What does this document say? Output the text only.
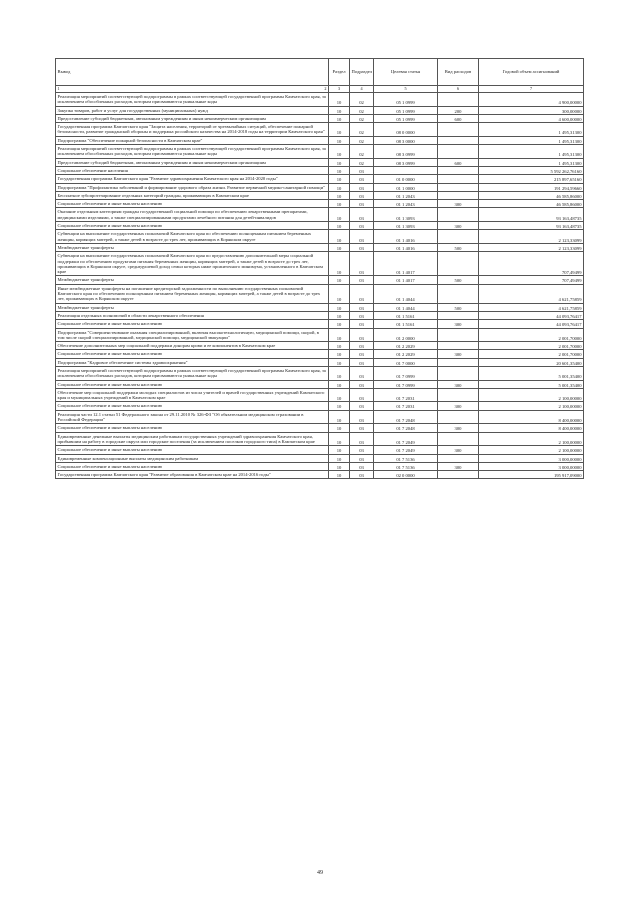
Вывод	Раздел	Подраздел	Целевая статья	Вид расходов	Годовой объем ассигнований
1 2	3	4	5	6	7

Реализация мероприятий соответствующей подпрограммы в рамках соответствующей государственной программы Камчатского края, за исключением обособленных расходов, которым присваиваются уникальные коды	10	02	05 1 0999		4 900,00000

Закупка товаров, работ и услуг для государственных (муниципальных) нужд	10	02	05 1 0999	200	300,00000

Предоставление субсидий бюджетным, автономным учреждениям и иным некоммерческим организациям	10	02	05 1 0999	600	4 600,00000

Государственная программа Камчатского края "Защита населения, территорий от чрезвычайных ситуаций, обеспечение пожарной безопасности, развитие гражданской обороны и поддержка российского казачества на 2014-2018 годы на территории Камчатского края"	10	02	08 0 0000		1 495,31300

Подпрограмма "Обеспечение пожарной безопасности в Камчатском крае"	10	02	08 3 0000		1 495,31300

Реализация мероприятий соответствующей подпрограммы в рамках соответствующей государственной программы Камчатского края, за исключением обособленных расходов, которым присваиваются уникальные коды	10	02	08 3 0999		1 495,31300

Предоставление субсидий бюджетным, автономным учреждениям и иным некоммерческим организациям	10	02	08 3 0999	600	1 495,31300

Социальное обеспечение населения	10	03			5 592 262,76160

Государственная программа Камчатского края "Развитие здравоохранения Камчатского края на 2014-2020 годы"	10	03	01 0 0000		215 897,65160

Подпрограмма "Профилактика заболеваний и формирование здорового образа жизни. Развитие первичной медико-санитарной помощи"	10	03	01 1 0000		191 294,59660

Бесплатное зубопротезирование отдельных категорий граждан, проживающих в Камчатском крае	10	03	01 1 2043		46 585,86000

Социальное обеспечение и иные выплаты населению	10	03	01 1 2043	300	46 585,86000

Оказание отдельным категориям граждан государственной социальной помощи по обеспечению лекарственными препаратами, медицинскими изделиями, а также специализированными продуктами лечебного питания для детей-инвалидов	10	03	01 1 3093		93 163,48735

Социальное обеспечение и иные выплаты населению	10	03	01 1 3093	300	93 163,48735

Субвенции на выполнение государственных полномочий Камчатского края по обеспечению полноценным питанием беременных женщин, кормящих матерей, а также детей в возрасте до трех лет, проживающих в Корякском округе	10	03	01 1 4016		2 123,33099

Межбюджетные трансферты	10	03	01 1 4016	500	2 123,33099

Субвенции на выполнение государственных полномочий Камчатского края по предоставлению дополнительной меры социальной поддержки по обеспечению продуктами питания беременных женщин, кормящих матерей, а также детей в возрасте до трех лет, проживающих в Корякском округе, среднедушевой доход семьи которых ниже прожиточного минимума, установленного в Камчатском крае	10	03	01 1 4017		707,49499

Межбюджетные трансферты	10	03	01 1 4017	500	707,49499

Иные межбюджетные трансферты на погашение кредиторской задолженности по выполнению государственных полномочий Камчатского края по обеспечению полноценным питанием беременных женщин, кормящих матерей, а также детей в возрасте до трех лет, проживающих в Корякском округе	10	03	01 1 4044		4 621,75859

Межбюджетные трансферты	10	03	01 1 4044	500	4 621,75859

Реализация отдельных полномочий в области лекарственного обеспечения	10	03	01 1 5161		44 093,76417

Социальное обеспечение и иные выплаты населению	10	03	01 1 5161	300	44 093,76417

Подпрограмма "Совершенствование оказания специализированной, включая высокотехнологичную, медицинской помощи, скорой, в том числе скорой специализированной, медицинской помощи, медицинской эвакуации"	10	03	01 2 0000		2 001,70000

Обеспечение дополнительных мер социальной поддержки донорам крови и ее компонентов в Камчатском крае	10	03	01 2 2029		2 001,70000

Социальное обеспечение и иные выплаты населению	10	03	01 2 2029	300	2 001,70000

Подпрограмма "Кадровое обеспечение системы здравоохранения"	10	03	01 7 0000		20 601,35400

Реализация мероприятий соответствующей подпрограммы в рамках соответствующей государственной программы Камчатского края, за исключением обособленных расходов, которым присваиваются уникальные коды	10	03	01 7 0999		5 001,35400

Социальное обеспечение и иные выплаты населению	10	03	01 7 0999	300	5 001,35400

Обеспечение мер социальной поддержки молодых специалистов из числа учителей и врачей государственных учреждений Камчатского края и муниципальных учреждений в Камчатском крае	10	03	01 7 2031		2 100,00000

Социальное обеспечение и иные выплаты населению	10	03	01 7 2031	300	2 100,00000

Реализация части 12.1 статьи 51 Федерального закона от 29.11.2010 № 326-ФЗ "Об обязательном медицинском страховании в Российской Федерации"	10	03	01 7 2048		8 400,00000

Социальное обеспечение и иные выплаты населению	10	03	01 7 2048	300	8 400,00000

Единовременные денежные выплаты медицинским работникам государственных учреждений здравоохранения Камчатского края, прибывшим на работу в городские округа или городские поселения (за исключением поселков городского типа) в Камчатском крае	10	03	01 7 2049		2 100,00000

Социальное обеспечение и иные выплаты населению	10	03	01 7 2049	300	2 100,00000

Единовременные компенсационные выплаты медицинским работникам	10	03	01 7 5136		3 000,00000

Социальное обеспечение и иные выплаты населению	10	03	01 7 5136	300	3 000,00000

Государственная программа Камчатского края "Развитие образования в Камчатском крае на 2014-2016 годы"	10	03	02 0 0000		195 917,09000
49
